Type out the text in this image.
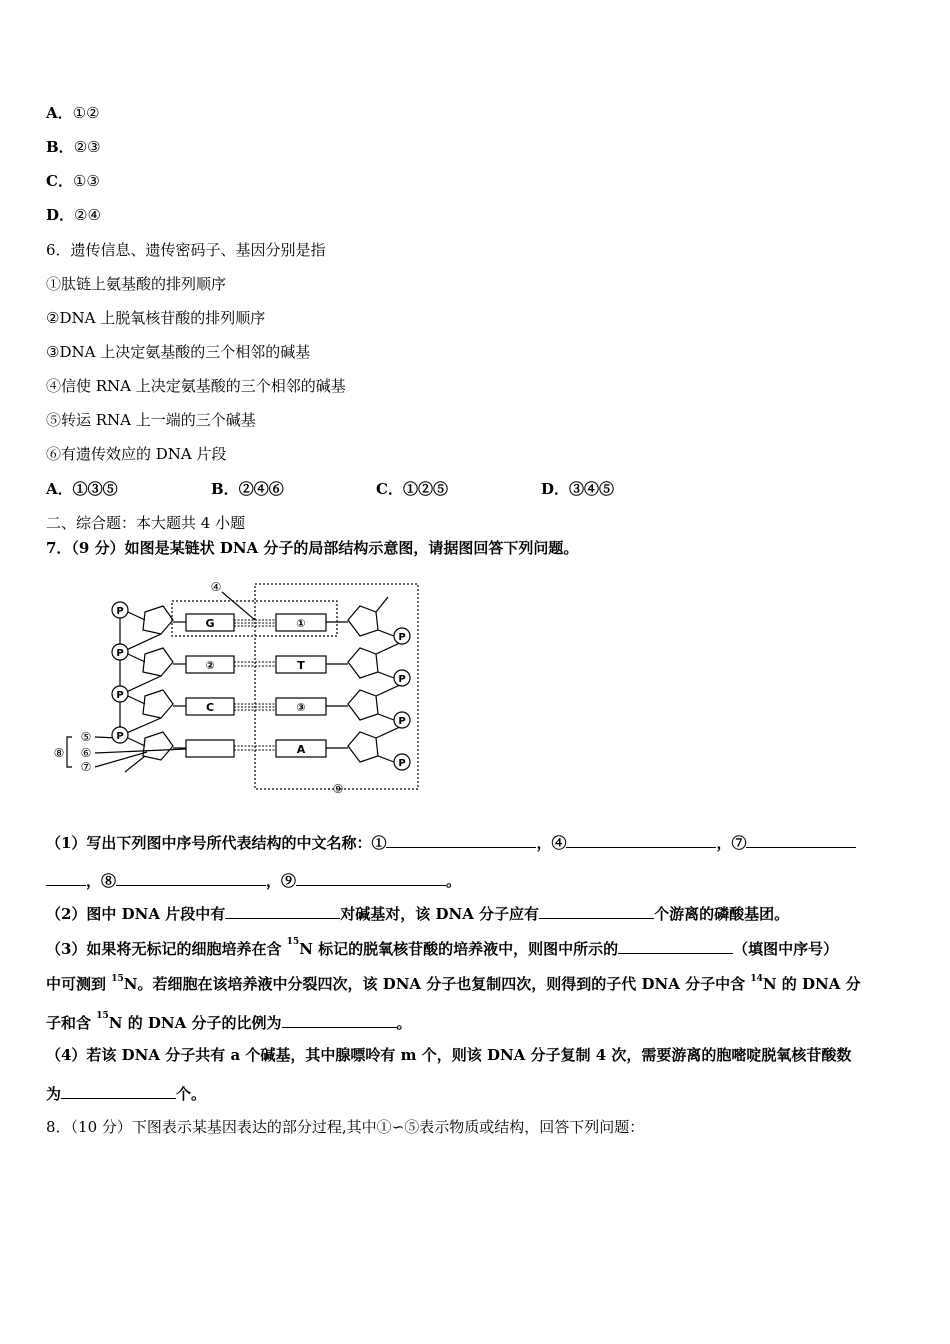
A．①②
B．②③
C．①③
D．②④
6．遗传信息、遗传密码子、基因分别是指
①肽链上氨基酸的排列顺序
②DNA 上脱氧核苷酸的排列顺序
③DNA 上决定氨基酸的三个相邻的碱基
④信使 RNA 上决定氨基酸的三个相邻的碱基
⑤转运 RNA 上一端的三个碱基
⑥有遗传效应的 DNA 片段
A．①③⑤	B．②④⑥	C．①②⑤	D．③④⑤
二、综合题：本大题共 4 小题
7．（9 分）如图是某链状 DNA 分子的局部结构示意图，请据图回答下列问题。
P
P
P
P
P
P
P
P
G
②
C
①
T
③
A
④
⑤
⑥
⑦
⑧
⑨
（1）写出下列图中序号所代表结构的中文名称：①	，④	，⑦
，⑧	，⑨	。
（2）图中 DNA 片段中有	对碱基对，该 DNA 分子应有	个游离的磷酸基团。
（3）如果将无标记的细胞培养在含 $^{15}$N 标记的脱氧核苷酸的培养液中，则图中所示的	（填图中序号）
中可测到 $^{15}$N。若细胞在该培养液中分裂四次，该 DNA 分子也复制四次，则得到的子代 DNA 分子中含 $^{14}$N 的 DNA 分
子和含 $^{15}$N 的 DNA 分子的比例为	。
（4）若该 DNA 分子共有 a 个碱基，其中腺嘌呤有 m 个，则该 DNA 分子复制 4 次，需要游离的胞嘧啶脱氧核苷酸数
为	个。
8．（10 分）下图表示某基因表达的部分过程,其中①∽⑤表示物质或结构，回答下列问题：
